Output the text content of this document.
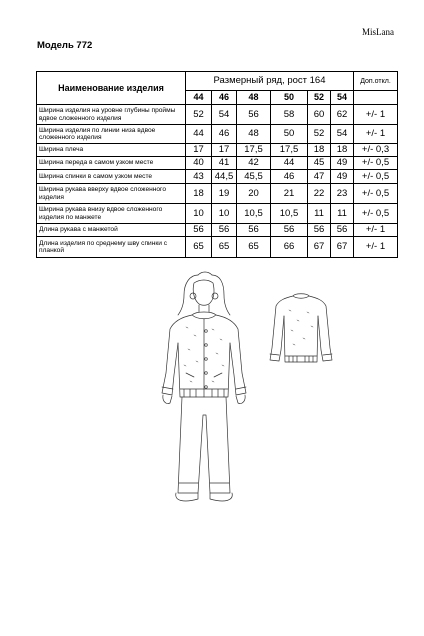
MisLana
Модель 772
Наименование изделия	Размерный ряд, рост 164						Доп.откл.
	44	46	48	50	52	54	
Ширина изделия на уровне глубины проймы вдвое сложенного изделия	52	54	56	58	60	62	+/- 1
Ширина изделия по линии низа вдвое сложенного изделия	44	46	48	50	52	54	+/- 1
Ширина плеча	17	17	17,5	17,5	18	18	+/- 0,3
Ширина переда в самом узком месте	40	41	42	44	45	49	+/- 0,5
Ширина спинки в самом узком месте	43	44,5	45,5	46	47	49	+/- 0,5
Ширина рукава вверху вдвое сложенного изделия	18	19	20	21	22	23	+/- 0,5
Ширина рукава внизу вдвое сложенного изделия по манжете	10	10	10,5	10,5	11	11	+/- 0,5
Длина рукава с манжетой	56	56	56	56	56	56	+/- 1
Длина изделия по среднему шву спинки с планкой	65	65	65	66	67	67	+/- 1
